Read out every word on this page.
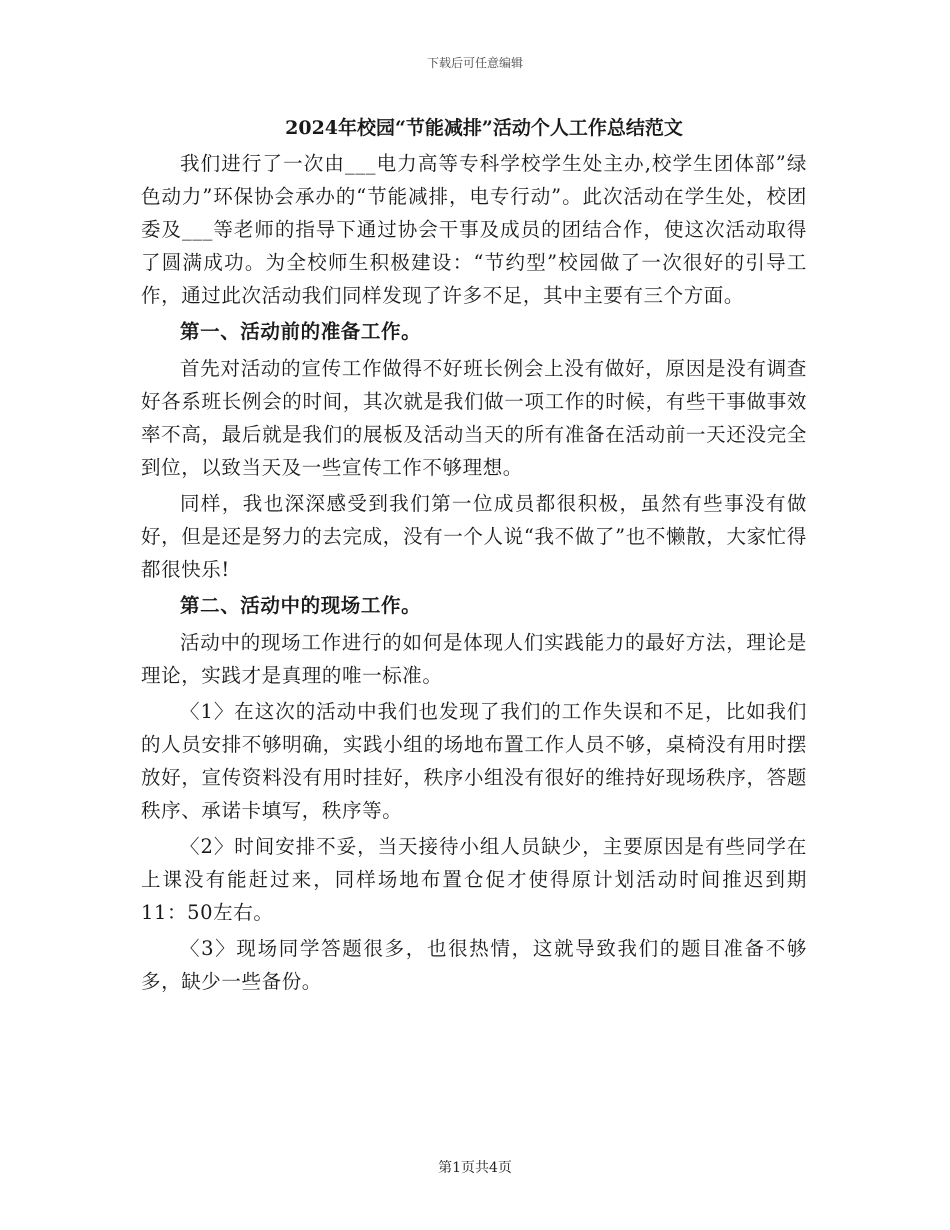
下载后可任意编辑
2024年校园“节能减排”活动个人工作总结范文

我们进行了一次由___电力高等专科学校学生处主办,校学生团体部”绿色动力”环保协会承办的“节能减排，电专行动”。此次活动在学生处，校团委及___等老师的指导下通过协会干事及成员的团结合作，使这次活动取得了圆满成功。为全校师生积极建设：“节约型”校园做了一次很好的引导工作，通过此次活动我们同样发现了许多不足，其中主要有三个方面。

第一、活动前的准备工作。

首先对活动的宣传工作做得不好班长例会上没有做好，原因是没有调查好各系班长例会的时间，其次就是我们做一项工作的时候，有些干事做事效率不高，最后就是我们的展板及活动当天的所有准备在活动前一天还没完全到位，以致当天及一些宣传工作不够理想。

同样，我也深深感受到我们第一位成员都很积极，虽然有些事没有做好，但是还是努力的去完成，没有一个人说“我不做了”也不懒散，大家忙得都很快乐!

第二、活动中的现场工作。

活动中的现场工作进行的如何是体现人们实践能力的最好方法，理论是理论，实践才是真理的唯一标准。

〈1〉在这次的活动中我们也发现了我们的工作失误和不足，比如我们的人员安排不够明确，实践小组的场地布置工作人员不够，桌椅没有用时摆放好，宣传资料没有用时挂好，秩序小组没有很好的维持好现场秩序，答题秩序、承诺卡填写，秩序等。

〈2〉时间安排不妥，当天接待小组人员缺少，主要原因是有些同学在上课没有能赶过来，同样场地布置仓促才使得原计划活动时间推迟到期11：50左右。

〈3〉现场同学答题很多，也很热情，这就导致我们的题目准备不够多，缺少一些备份。

第1页共4页
